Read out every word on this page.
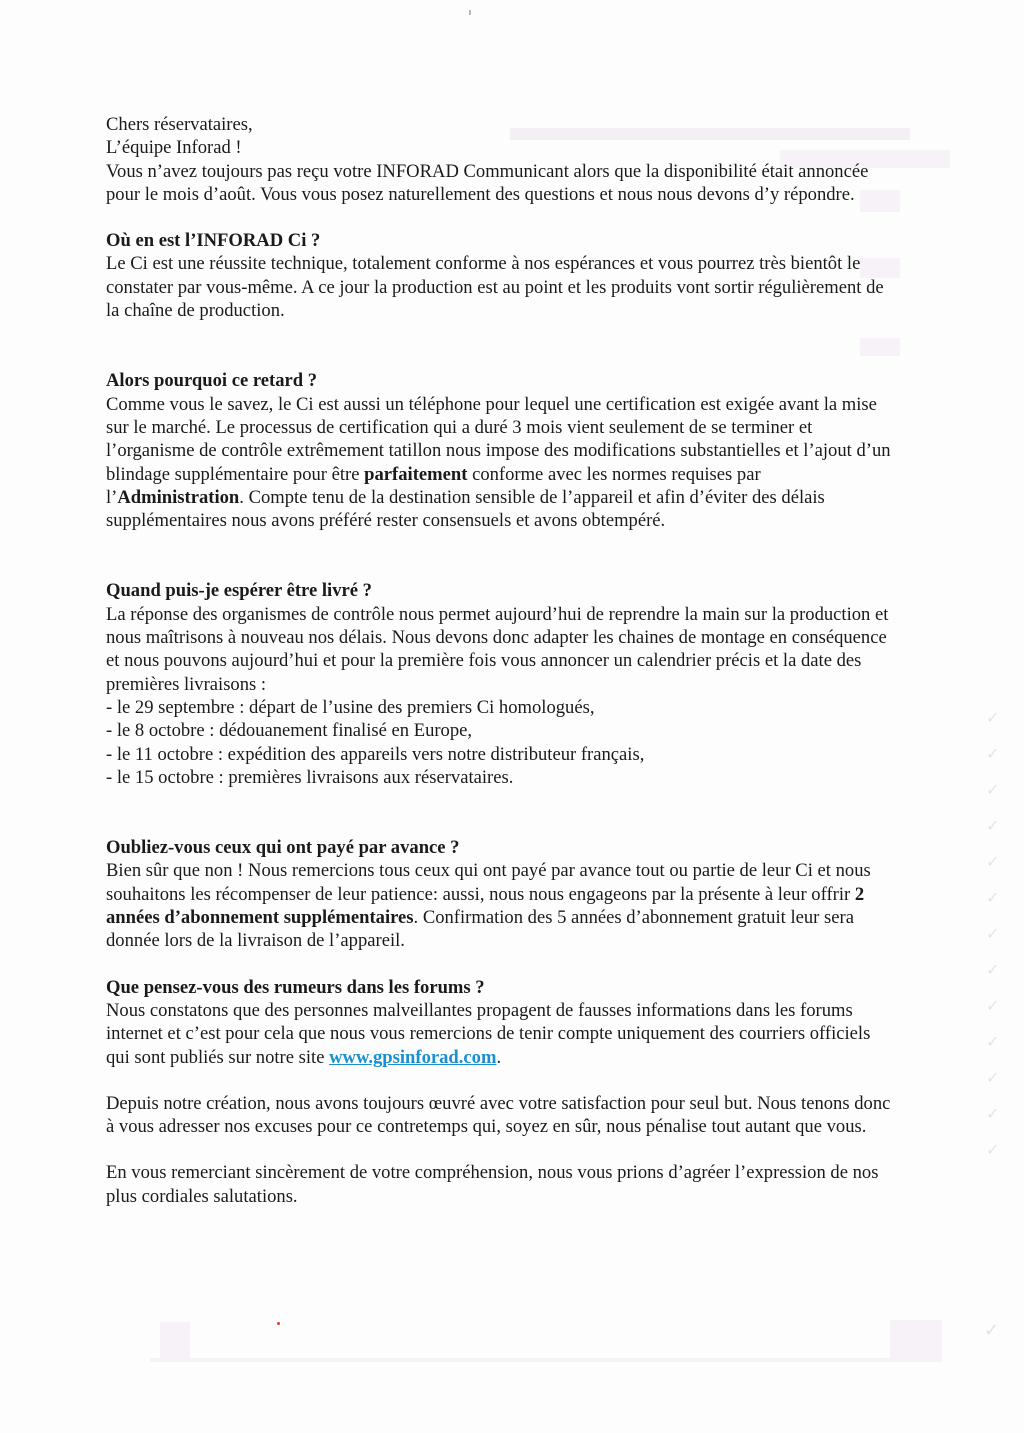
✓
✓
✓
✓
✓
✓
✓
✓
✓
✓
✓
✓
✓
✓

Chers réservataires,

L’équipe Inforad !

Vous n’avez toujours pas reçu votre INFORAD Communicant alors que la disponibilité était annoncée pour le mois d’août. Vous vous posez naturellement des questions et nous nous devons d’y répondre.

Où en est l’INFORAD Ci ?

Le Ci est une réussite technique, totalement conforme à nos espérances et vous pourrez très bientôt le constater par vous-même. A ce jour la production est au point et les produits vont sortir régulièrement de la chaîne de production.

Alors pourquoi ce retard ?

Comme vous le savez, le Ci est aussi un téléphone pour lequel une certification est exigée avant la mise sur le marché. Le processus de certification qui a duré 3 mois vient seulement de se terminer et l’organisme de contrôle extrêmement tatillon nous impose des modifications substantielles et l’ajout d’un blindage supplémentaire pour être parfaitement conforme avec les normes requises par l’Administration. Compte tenu de la destination sensible de l’appareil et afin d’éviter des délais supplémentaires nous avons préféré rester consensuels et avons obtempéré.

Quand puis-je espérer être livré ?

La réponse des organismes de contrôle nous permet aujourd’hui de reprendre la main sur la production et nous maîtrisons à nouveau nos délais. Nous devons donc adapter les chaines de montage en conséquence et nous pouvons aujourd’hui et pour la première fois vous annoncer un calendrier précis et la date des premières livraisons :

- le 29 septembre : départ de l’usine des premiers Ci homologués,

- le 8 octobre : dédouanement finalisé en Europe,

- le 11 octobre : expédition des appareils vers notre distributeur français,

- le 15 octobre : premières livraisons aux réservataires.

Oubliez-vous ceux qui ont payé par avance ?

Bien sûr que non ! Nous remercions tous ceux qui ont payé par avance tout ou partie de leur Ci et nous souhaitons les récompenser de leur patience: aussi, nous nous engageons par la présente à leur offrir 2 années d’abonnement supplémentaires. Confirmation des 5 années d’abonnement gratuit leur sera donnée lors de la livraison de l’appareil.

Que pensez-vous des rumeurs dans les forums ?

Nous constatons que des personnes malveillantes propagent de fausses informations dans les forums internet et c’est pour cela que nous vous remercions de tenir compte uniquement des courriers officiels qui sont publiés sur notre site www.gpsinforad.com.

Depuis notre création, nous avons toujours œuvré avec votre satisfaction pour seul but. Nous tenons donc à vous adresser nos excuses pour ce contretemps qui, soyez en sûr, nous pénalise tout autant que vous.

En vous remerciant sincèrement de votre compréhension, nous vous prions d’agréer l’expression de nos plus cordiales salutations.
